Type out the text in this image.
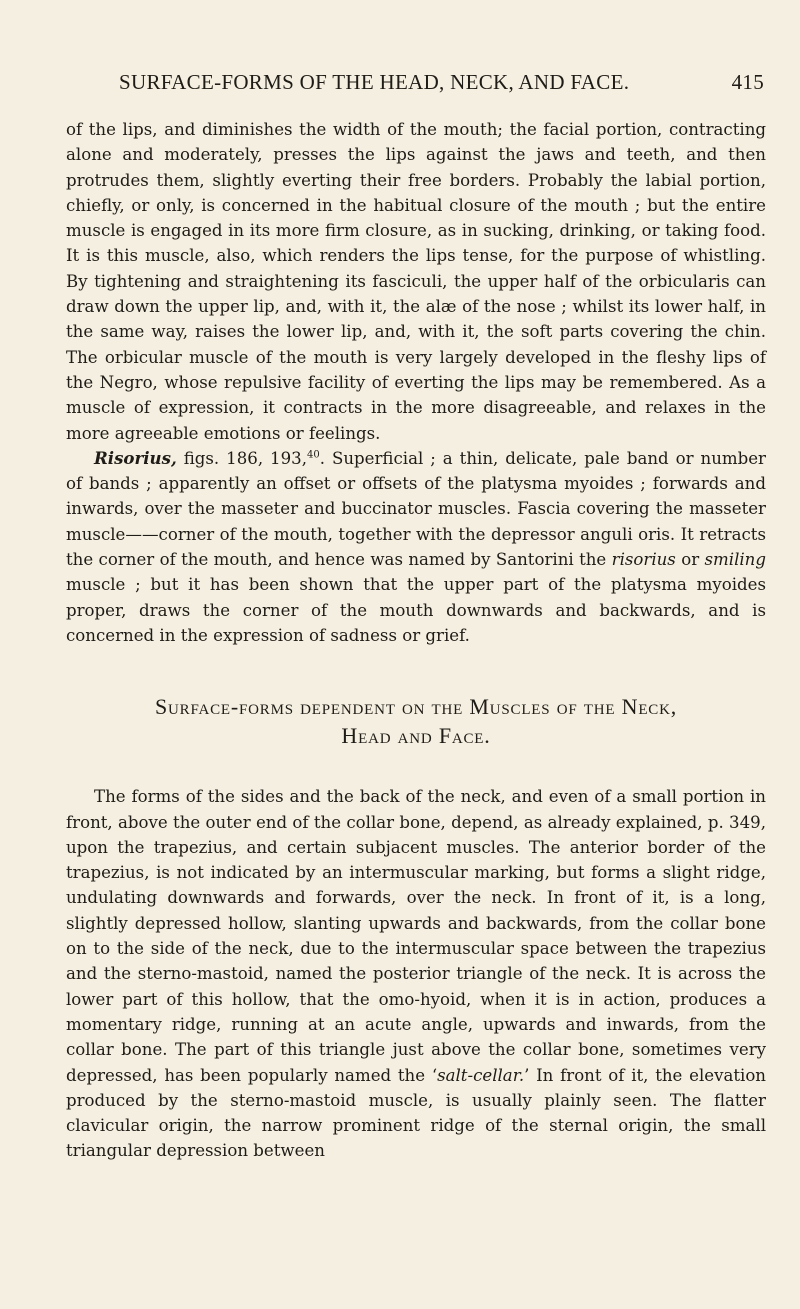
SURFACE-FORMS OF THE HEAD, NECK, AND FACE.	415

of the lips, and diminishes the width of the mouth; the facial portion, contracting alone and moderately, presses the lips against the jaws and teeth, and then protrudes them, slightly everting their free borders. Probably the labial portion, chiefly, or only, is concerned in the habitual closure of the mouth ; but the entire muscle is engaged in its more firm closure, as in sucking, drinking, or taking food. It is this muscle, also, which renders the lips tense, for the purpose of whistling. By tightening and straightening its fasciculi, the upper half of the orbicularis can draw down the upper lip, and, with it, the alæ of the nose ; whilst its lower half, in the same way, raises the lower lip, and, with it, the soft parts covering the chin. The orbicular muscle of the mouth is very largely developed in the fleshy lips of the Negro, whose repulsive facility of everting the lips may be remembered. As a muscle of expression, it contracts in the more disagreeable, and relaxes in the more agreeable emotions or feelings.

Risorius, figs. 186, 193,40. Superficial ; a thin, delicate, pale band or number of bands ; apparently an offset or offsets of the platysma myoides ; forwards and inwards, over the masseter and buccinator muscles. Fascia covering the masseter muscle——corner of the mouth, together with the depressor anguli oris. It retracts the corner of the mouth, and hence was named by Santorini the risorius or smiling muscle ; but it has been shown that the upper part of the platysma myoides proper, draws the corner of the mouth downwards and backwards, and is concerned in the expression of sadness or grief.

Surface-forms dependent on the Muscles of the Neck,
Head and Face.

The forms of the sides and the back of the neck, and even of a small portion in front, above the outer end of the collar bone, depend, as already explained, p. 349, upon the trapezius, and certain subjacent muscles. The anterior border of the trapezius, is not indicated by an intermuscular marking, but forms a slight ridge, undulating downwards and forwards, over the neck. In front of it, is a long, slightly depressed hollow, slanting upwards and backwards, from the collar bone on to the side of the neck, due to the intermuscular space between the trapezius and the sterno-mastoid, named the posterior triangle of the neck. It is across the lower part of this hollow, that the omo-hyoid, when it is in action, produces a momentary ridge, running at an acute angle, upwards and inwards, from the collar bone. The part of this triangle just above the collar bone, sometimes very depressed, has been popularly named the ‘salt-cellar.’ In front of it, the elevation produced by the sterno-mastoid muscle, is usually plainly seen. The flatter clavicular origin, the narrow prominent ridge of the sternal origin, the small triangular depression between
